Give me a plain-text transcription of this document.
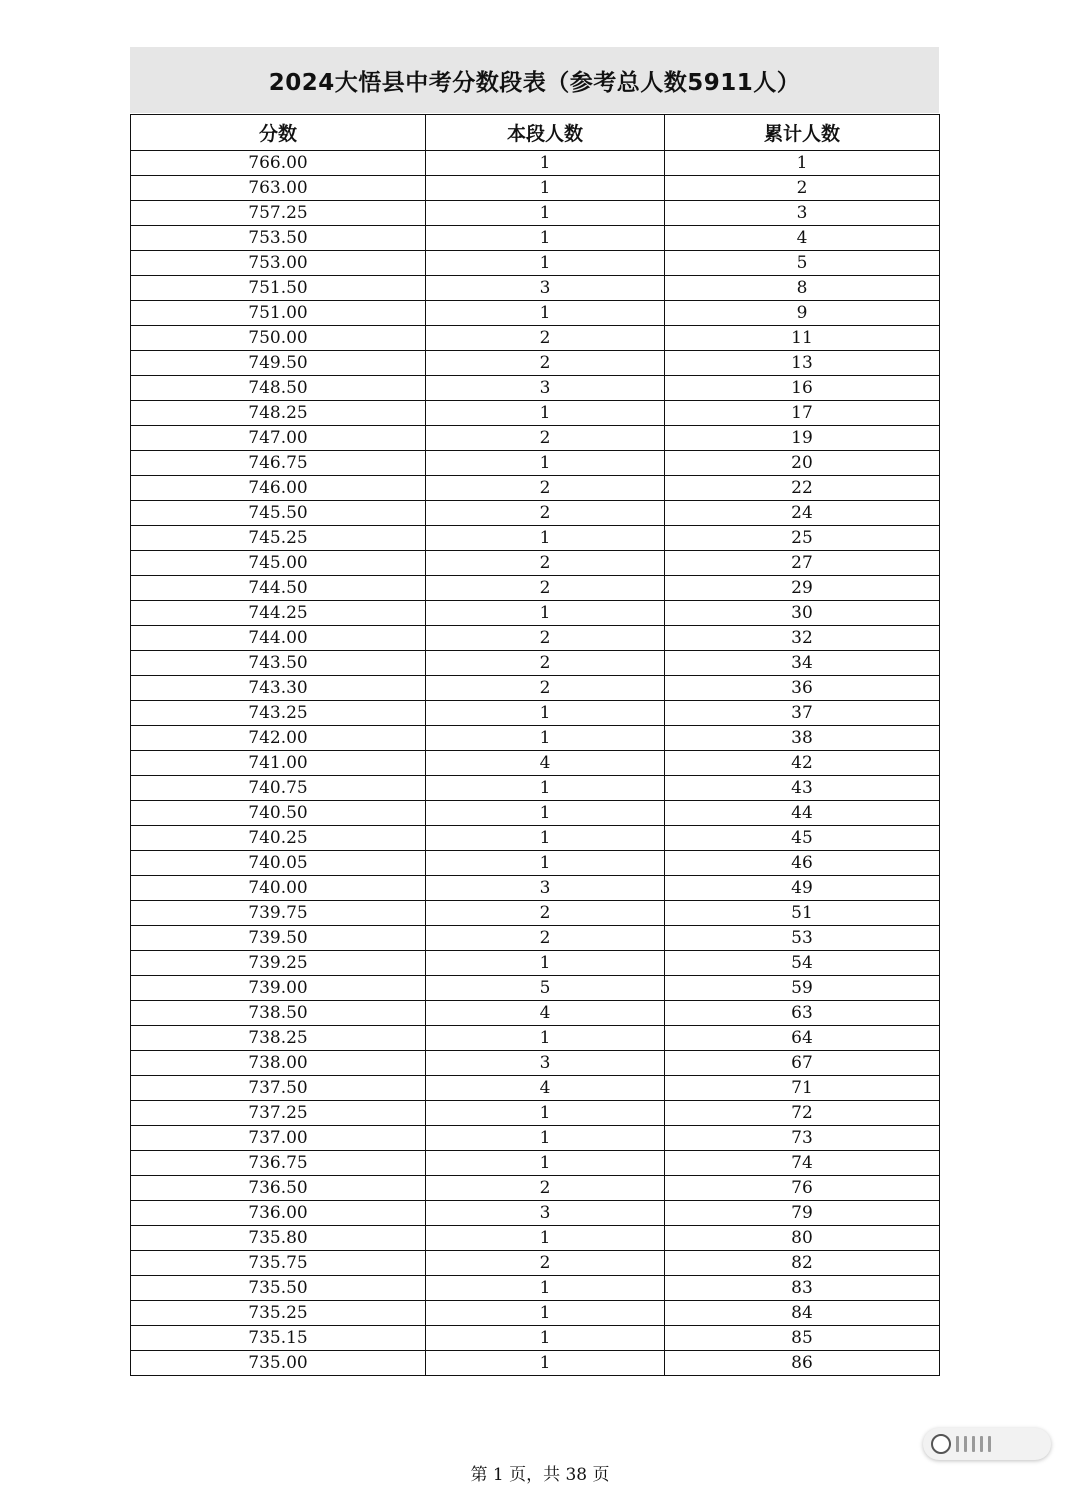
2024大悟县中考分数段表（参考总人数5911人）
分数	本段人数	累计人数
766.00	1	1
763.00	1	2
757.25	1	3
753.50	1	4
753.00	1	5
751.50	3	8
751.00	1	9
750.00	2	11
749.50	2	13
748.50	3	16
748.25	1	17
747.00	2	19
746.75	1	20
746.00	2	22
745.50	2	24
745.25	1	25
745.00	2	27
744.50	2	29
744.25	1	30
744.00	2	32
743.50	2	34
743.30	2	36
743.25	1	37
742.00	1	38
741.00	4	42
740.75	1	43
740.50	1	44
740.25	1	45
740.05	1	46
740.00	3	49
739.75	2	51
739.50	2	53
739.25	1	54
739.00	5	59
738.50	4	63
738.25	1	64
738.00	3	67
737.50	4	71
737.25	1	72
737.00	1	73
736.75	1	74
736.50	2	76
736.00	3	79
735.80	1	80
735.75	2	82
735.50	1	83
735.25	1	84
735.15	1	85
735.00	1	86
第 1 页，共 38 页
